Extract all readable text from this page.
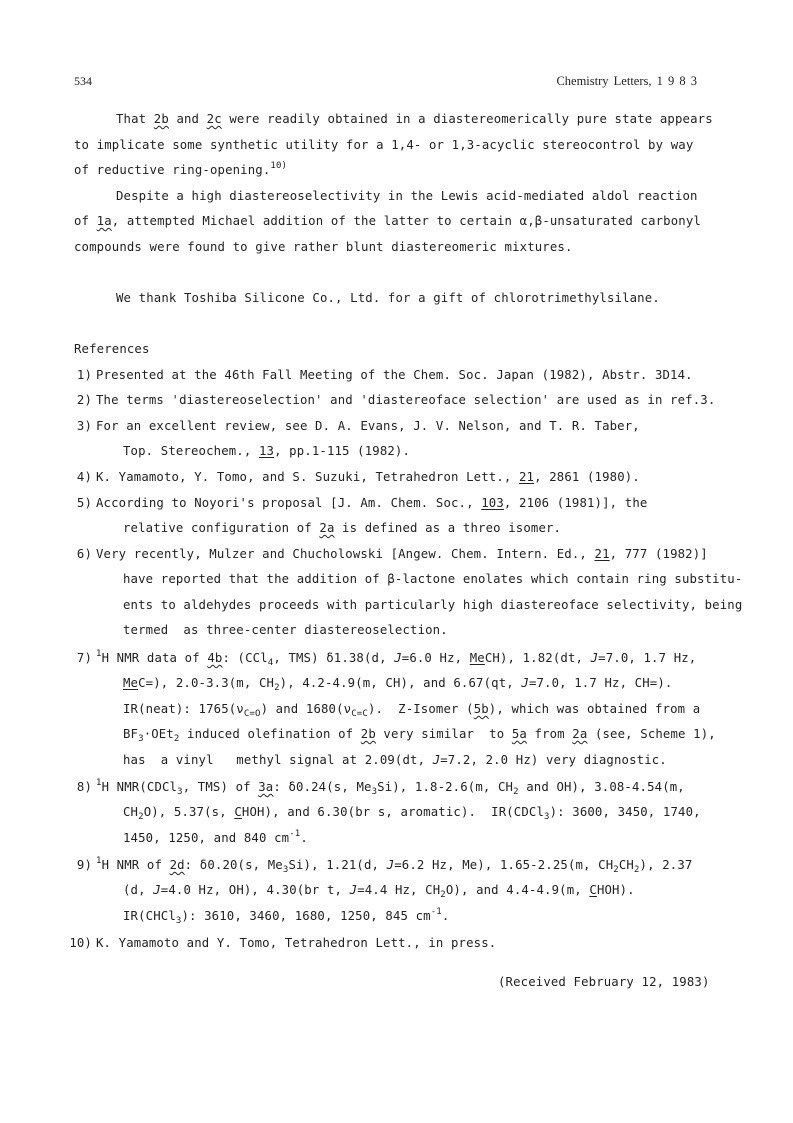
534	Chemistry Letters, 1 9 8 3
That 2b and 2c were readily obtained in a diastereomerically pure state appears
to implicate some synthetic utility for a 1,4- or 1,3-acyclic stereocontrol by way
of reductive ring-opening.$^{10)}$
Despite a high diastereoselectivity in the Lewis acid-mediated aldol reaction
of 1a, attempted Michael addition of the latter to certain α,β-unsaturated carbonyl
compounds were found to give rather blunt diastereomeric mixtures.
We thank Toshiba Silicone Co., Ltd. for a gift of chlorotrimethylsilane.
References
1) Presented at the 46th Fall Meeting of the Chem. Soc. Japan (1982), Abstr. 3D14.
2) The terms 'diastereoselection' and 'diastereoface selection' are used as in ref.3.
3) For an excellent review, see D. A. Evans, J. V. Nelson, and T. R. Taber,
Top. Stereochem., 13, pp.1-115 (1982).
4) K. Yamamoto, Y. Tomo, and S. Suzuki, Tetrahedron Lett., 21, 2861 (1980).
5) According to Noyori's proposal [J. Am. Chem. Soc., 103, 2106 (1981)], the
relative configuration of 2a is defined as a threo isomer.
6) Very recently, Mulzer and Chucholowski [Angew. Chem. Intern. Ed., 21, 777 (1982)]
have reported that the addition of β-lactone enolates which contain ring substitu-
ents to aldehydes proceeds with particularly high diastereoface selectivity, being
termed  as three-center diastereoselection.
7) $^1$H NMR data of 4b: (CCl$_4$, TMS) δ1.38(d, J=6.0 Hz, MeCH), 1.82(dt, J=7.0, 1.7 Hz,
MeC=), 2.0-3.3(m, $CH_2$), 4.2-4.9(m, CH), and 6.67(qt, J=7.0, 1.7 Hz, CH=).
IR(neat): $1765(\nu_{C=O})$ and $1680(\nu_{C=C})$.  Z-Isomer (5b), which was obtained from a
$BF_3\cdot OEt_2$ induced olefination of 2b very similar  to 5a from 2a (see, Scheme 1),
has  a vinyl   methyl signal at 2.09(dt, J=7.2, 2.0 Hz) very diagnostic.
8) $^1$H NMR(CDCl$_3$, TMS) of 3a: δ0.24(s, $Me_3Si$), 1.8-2.6(m, $CH_2$ and OH), 3.08-4.54(m,
$CH_2O$), 5.37(s, CHOH), and 6.30(br s, aromatic).  IR(CDCl$_3$): 3600, 3450, 1740,
1450, 1250, and 840 $cm^{-1}$.
9) $^1$H NMR of 2d: δ0.20(s, $Me_3Si$), 1.21(d, J=6.2 Hz, Me), 1.65-2.25(m, $CH_2CH_2$), 2.37
(d, J=4.0 Hz, OH), 4.30(br t, J=4.4 Hz, $CH_2O$), and 4.4-4.9(m, CHOH).
IR(CHCl$_3$): 3610, 3460, 1680, 1250, 845 $cm^{-1}$.
10) K. Yamamoto and Y. Tomo, Tetrahedron Lett., in press.
(Received February 12, 1983)
